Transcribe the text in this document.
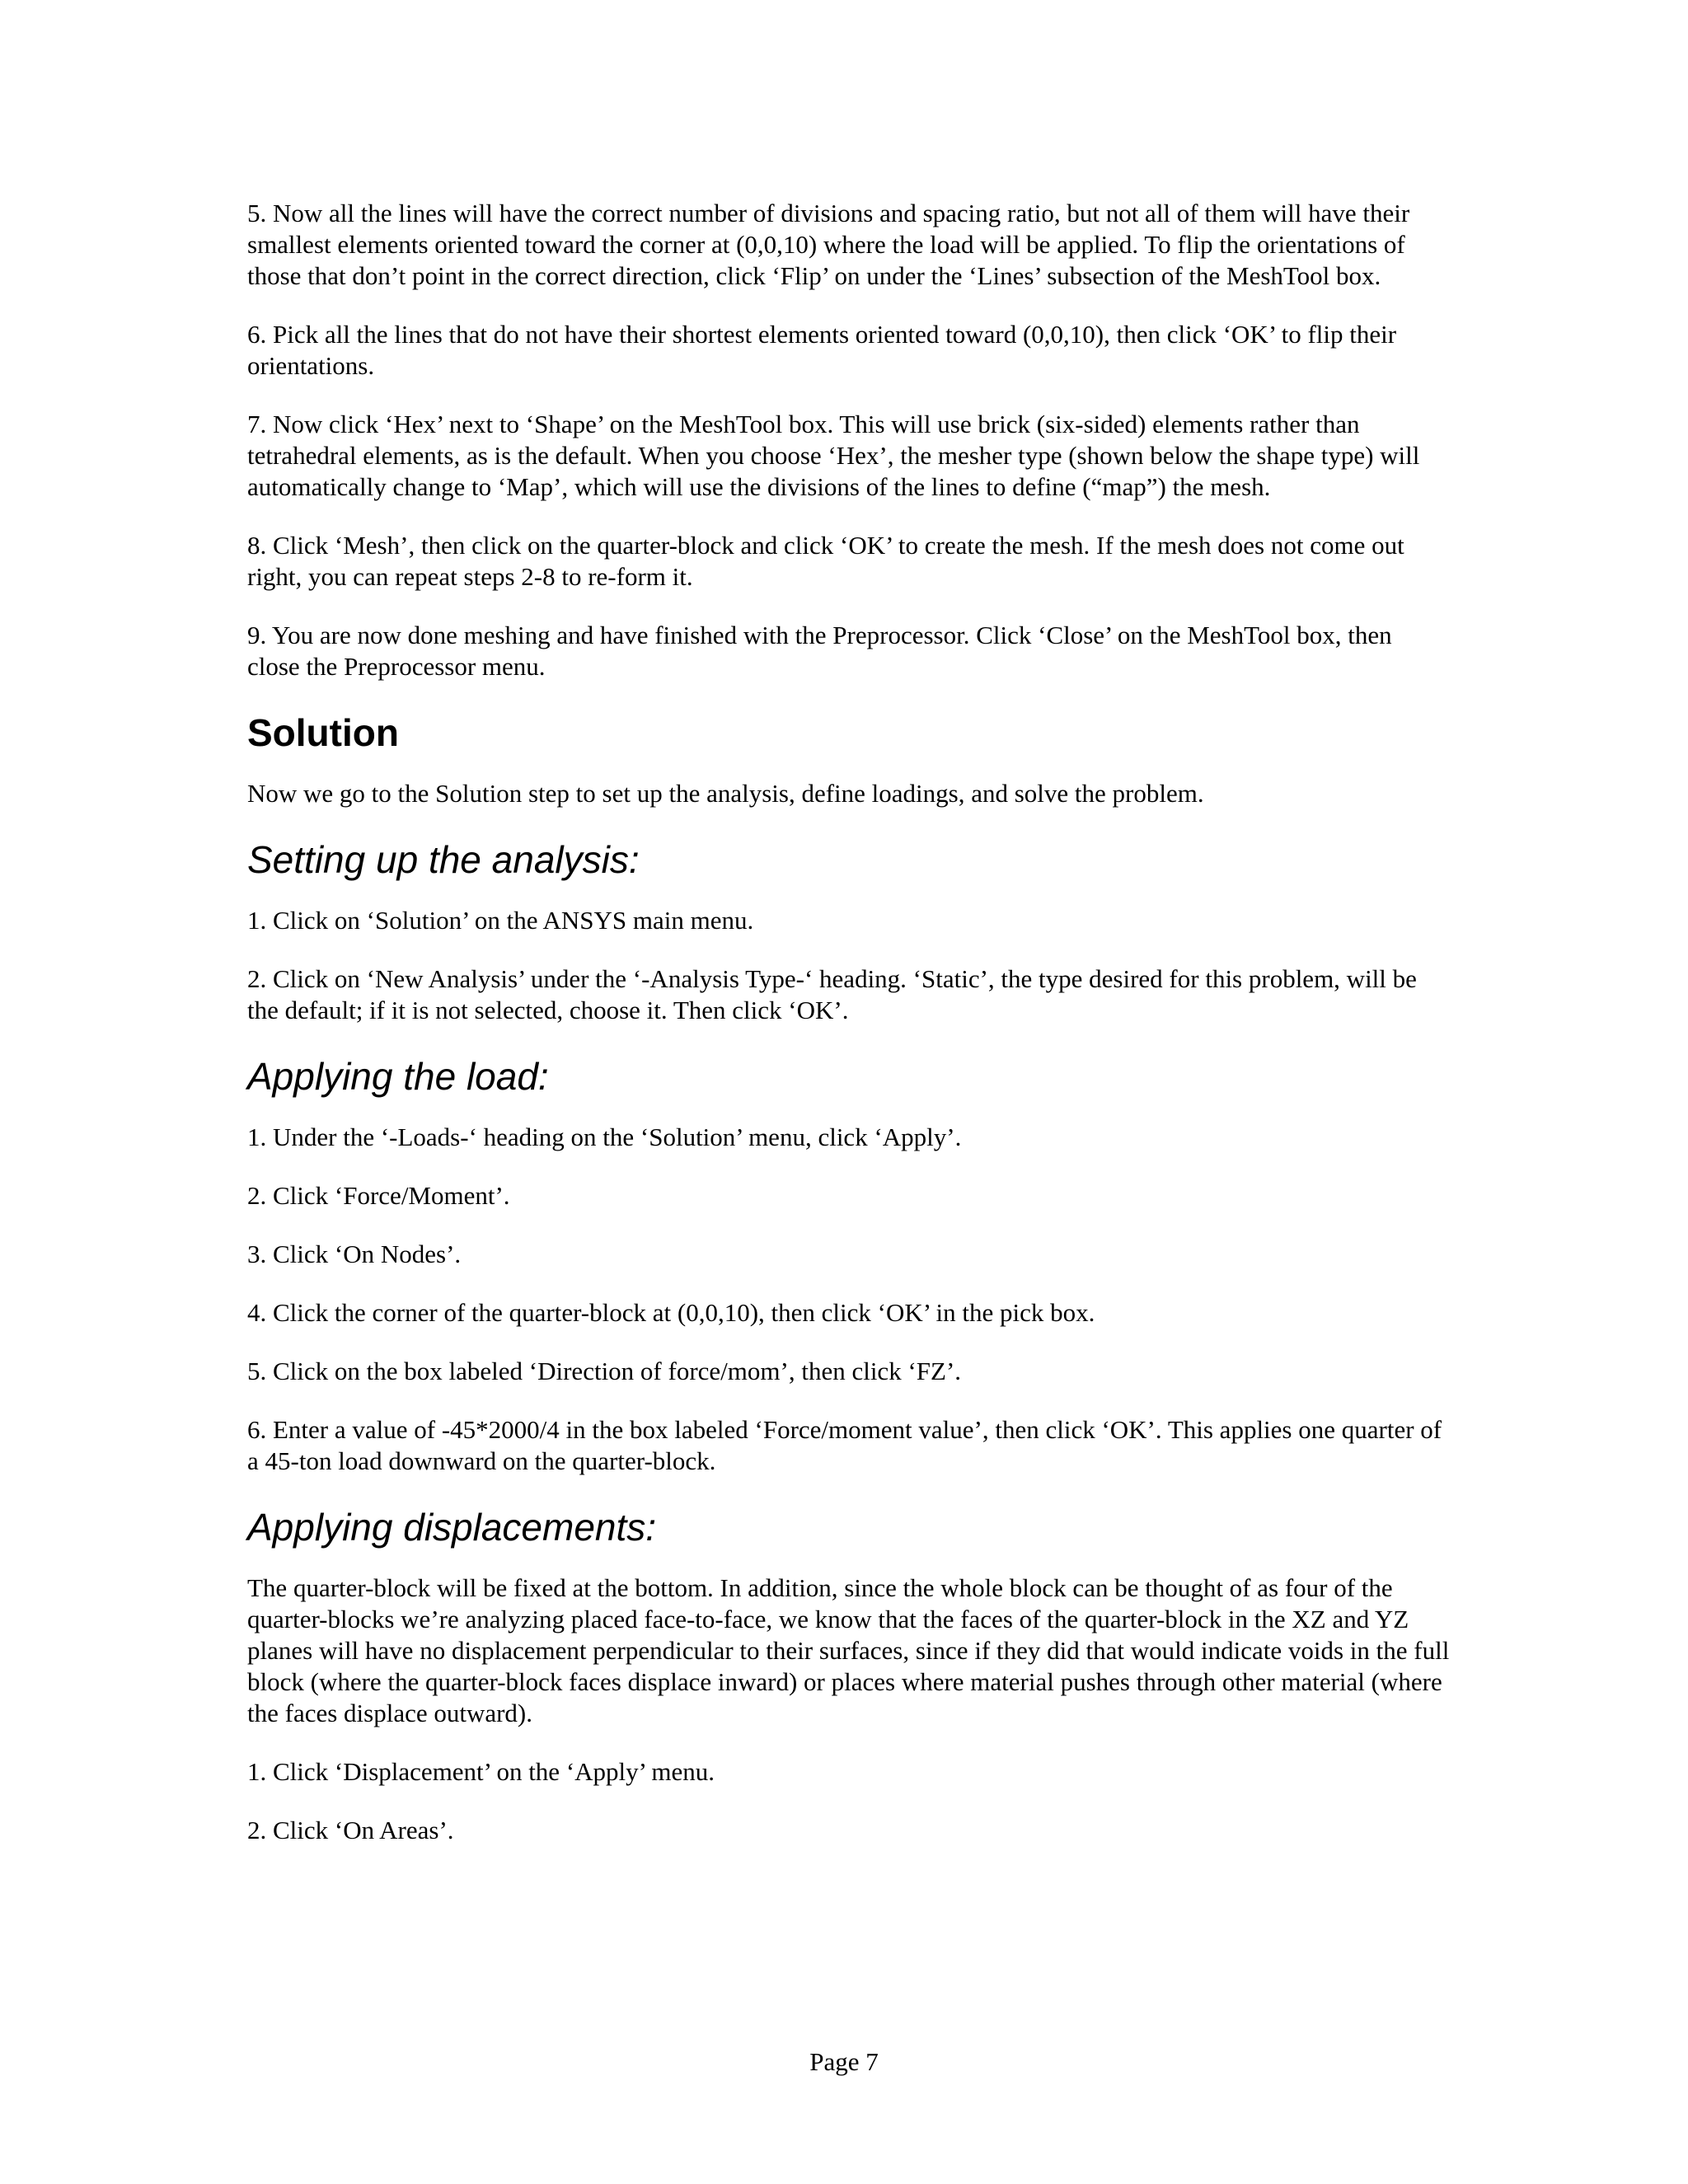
5. Now all the lines will have the correct number of divisions and spacing ratio, but not all of them will have their smallest elements oriented toward the corner at (0,0,10) where the load will be applied. To flip the orientations of those that don’t point in the correct direction, click ‘Flip’ on under the ‘Lines’ subsection of the MeshTool box.

6. Pick all the lines that do not have their shortest elements oriented toward (0,0,10), then click ‘OK’ to flip their orientations.

7. Now click ‘Hex’ next to ‘Shape’ on the MeshTool box. This will use brick (six-sided) elements rather than tetrahedral elements, as is the default. When you choose ‘Hex’, the mesher type (shown below the shape type) will automatically change to ‘Map’, which will use the divisions of the lines to define (“map”) the mesh.

8. Click ‘Mesh’, then click on the quarter-block and click ‘OK’ to create the mesh. If the mesh does not come out right, you can repeat steps 2-8 to re-form it.

9. You are now done meshing and have finished with the Preprocessor. Click ‘Close’ on the MeshTool box, then close the Preprocessor menu.

Solution

Now we go to the Solution step to set up the analysis, define loadings, and solve the problem.

Setting up the analysis:

1. Click on ‘Solution’ on the ANSYS main menu.

2. Click on ‘New Analysis’ under the ‘-Analysis Type-‘ heading. ‘Static’, the type desired for this problem, will be the default; if it is not selected, choose it. Then click ‘OK’.

Applying the load:

1. Under the ‘-Loads-‘ heading on the ‘Solution’ menu, click ‘Apply’.

2. Click ‘Force/Moment’.

3. Click ‘On Nodes’.

4. Click the corner of the quarter-block at (0,0,10), then click ‘OK’ in the pick box.

5. Click on the box labeled ‘Direction of force/mom’, then click ‘FZ’.

6. Enter a value of -45*2000/4 in the box labeled ‘Force/moment value’, then click ‘OK’. This applies one quarter of a 45-ton load downward on the quarter-block.

Applying displacements:

The quarter-block will be fixed at the bottom. In addition, since the whole block can be thought of as four of the quarter-blocks we’re analyzing placed face-to-face, we know that the faces of the quarter-block in the XZ and YZ planes will have no displacement perpendicular to their surfaces, since if they did that would indicate voids in the full block (where the quarter-block faces displace inward) or places where material pushes through other material (where the faces displace outward).

1. Click ‘Displacement’ on the ‘Apply’ menu.

2. Click ‘On Areas’.

Page 7
